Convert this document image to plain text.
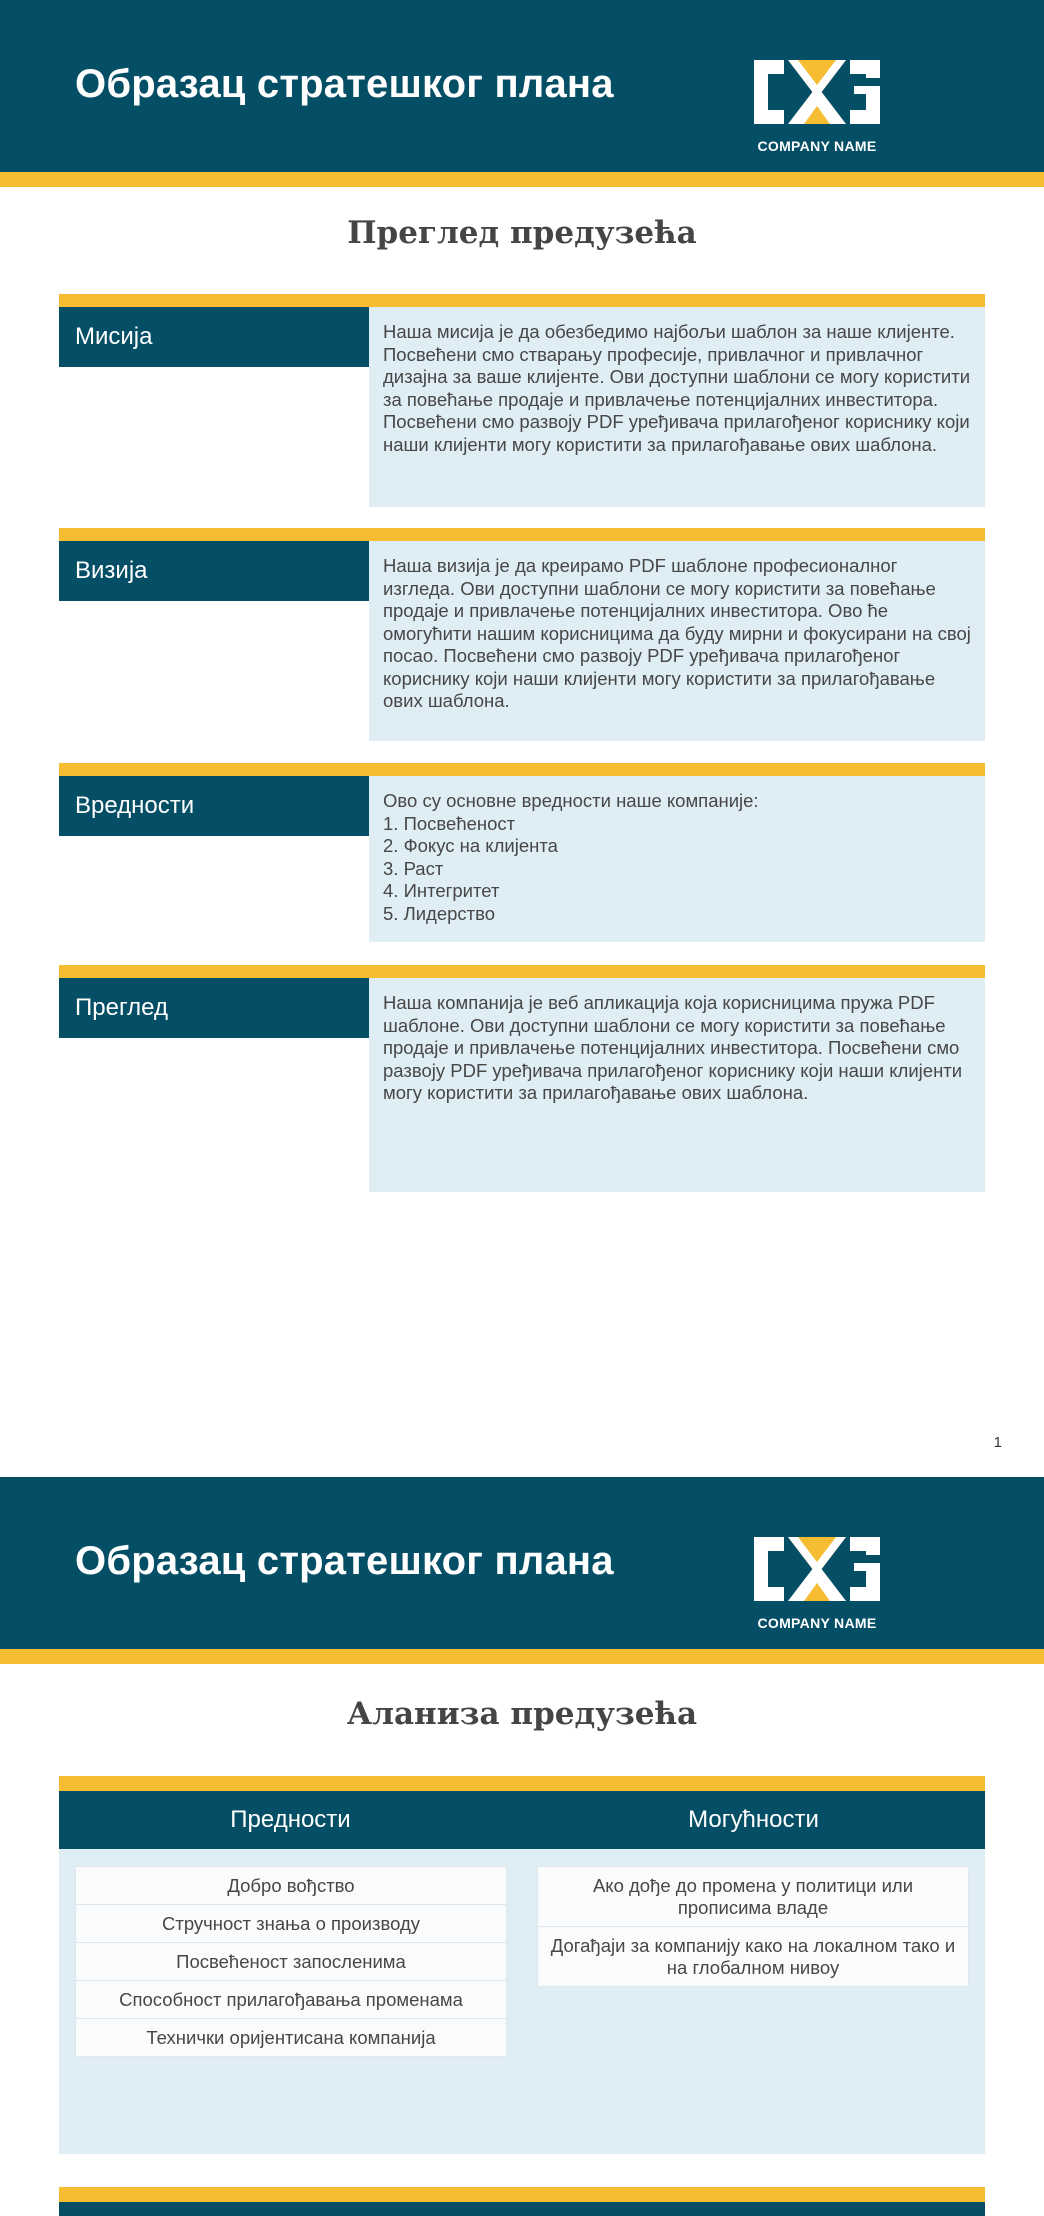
Образац стратешког плана
COMPANY NAME
Преглед предузећа
Мисија	Наша мисија је да обезбедимо најбољи шаблон за наше клијенте. Посвећени смо стварању професије, привлачног и привлачног дизајна за ваше клијенте. Ови доступни шаблони се могу користити за повећање продаје и привлачење потенцијалних инвеститора. Посвећени смо развоју PDF уређивача прилагођеног кориснику који наши клијенти могу користити за прилагођавање ових шаблона.
Визија	Наша визија је да креирамо PDF шаблоне професионалног изгледа. Ови доступни шаблони се могу користити за повећање продаје и привлачење потенцијалних инвеститора. Ово ће омогућити нашим корисницима да буду мирни и фокусирани на свој посао. Посвећени смо развоју PDF уређивача прилагођеног кориснику који наши клијенти могу користити за прилагођавање ових шаблона.
Вредности	Ово су основне вредности наше компаније:
1. Посвећеност
2. Фокус на клијента
3. Раст
4. Интегритет
5. Лидерство
Преглед	Наша компанија је веб апликација која корисницима пружа PDF шаблоне. Ови доступни шаблони се могу користити за повећање продаје и привлачење потенцијалних инвеститора. Посвећени смо развоју PDF уређивача прилагођеног кориснику који наши клијенти могу користити за прилагођавање ових шаблона.
1
Образац стратешког плана
COMPANY NAME
Аланиза предузећа
Предности	Могућности
Добро вођство
Стручност знања о производу
Посвећеност запосленима
Способност прилагођавања променама
Технички оријентисана компанија
Ако дође до промена у политици или прописима владе
Догађаји за компанију како на локалном тако и на глобалном нивоу
